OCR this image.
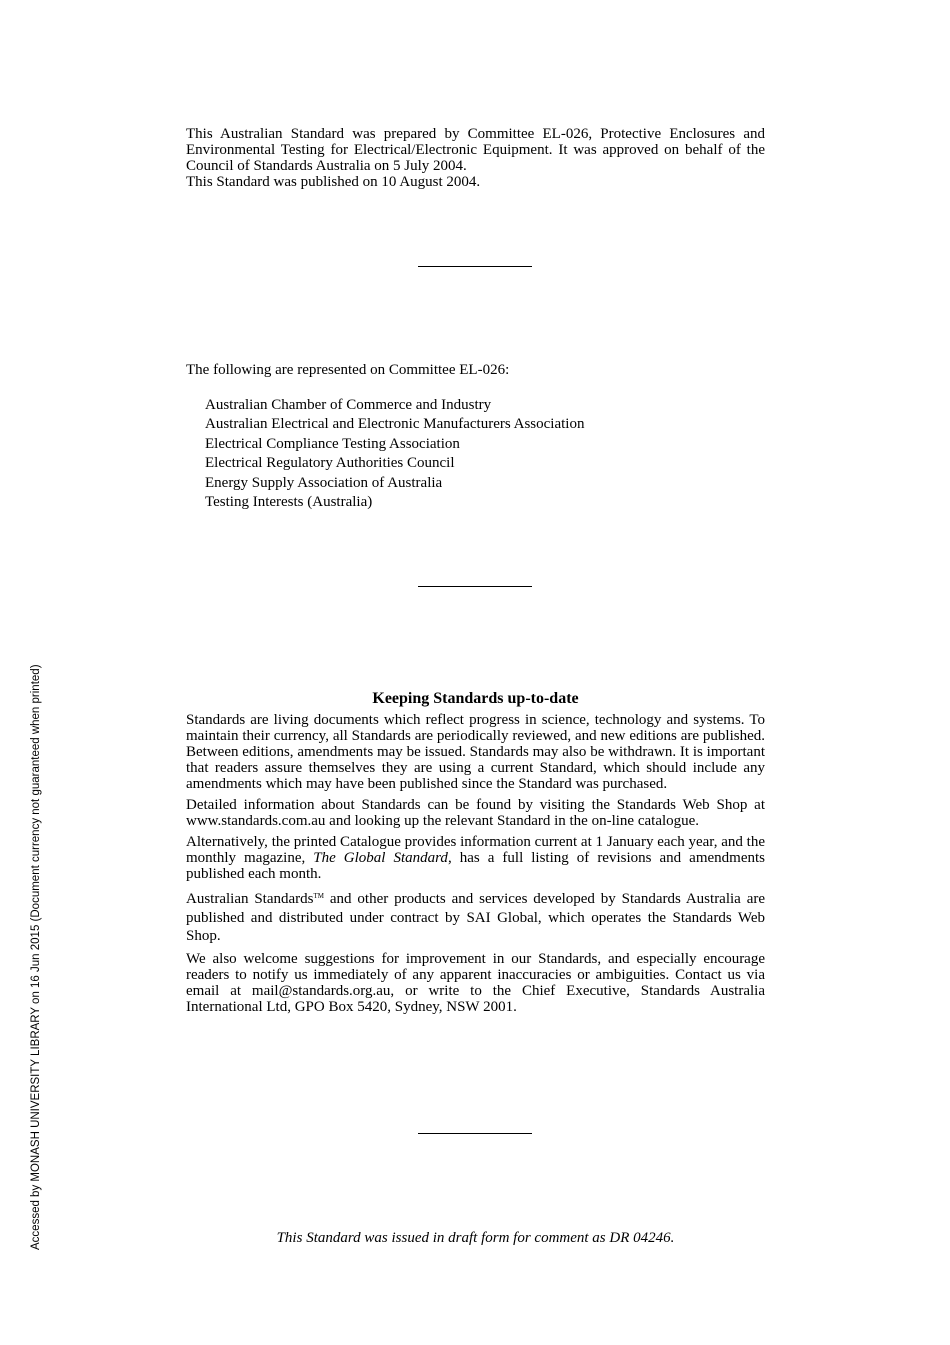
This Australian Standard was prepared by Committee EL-026, Protective Enclosures and Environmental Testing for Electrical/Electronic Equipment. It was approved on behalf of the Council of Standards Australia on 5 July 2004.
This Standard was published on 10 August 2004.
The following are represented on Committee EL-026:
Australian Chamber of Commerce and Industry
Australian Electrical and Electronic Manufacturers Association
Electrical Compliance Testing Association
Electrical Regulatory Authorities Council
Energy Supply Association of Australia
Testing Interests (Australia)
Keeping Standards up-to-date

Standards are living documents which reflect progress in science, technology and systems. To maintain their currency, all Standards are periodically reviewed, and new editions are published. Between editions, amendments may be issued. Standards may also be withdrawn. It is important that readers assure themselves they are using a current Standard, which should include any amendments which may have been published since the Standard was purchased.

Detailed information about Standards can be found by visiting the Standards Web Shop at www.standards.com.au and looking up the relevant Standard in the on-line catalogue.

Alternatively, the printed Catalogue provides information current at 1 January each year, and the monthly magazine, The Global Standard, has a full listing of revisions and amendments published each month.

Australian Standards™ and other products and services developed by Standards Australia are published and distributed under contract by SAI Global, which operates the Standards Web Shop.

We also welcome suggestions for improvement in our Standards, and especially encourage readers to notify us immediately of any apparent inaccuracies or ambiguities. Contact us via email at mail@standards.org.au, or write to the Chief Executive, Standards Australia International Ltd, GPO Box 5420, Sydney, NSW 2001.

This Standard was issued in draft form for comment as DR 04246.
Accessed by MONASH UNIVERSITY LIBRARY on 16 Jun 2015 (Document currency not guaranteed when printed)
